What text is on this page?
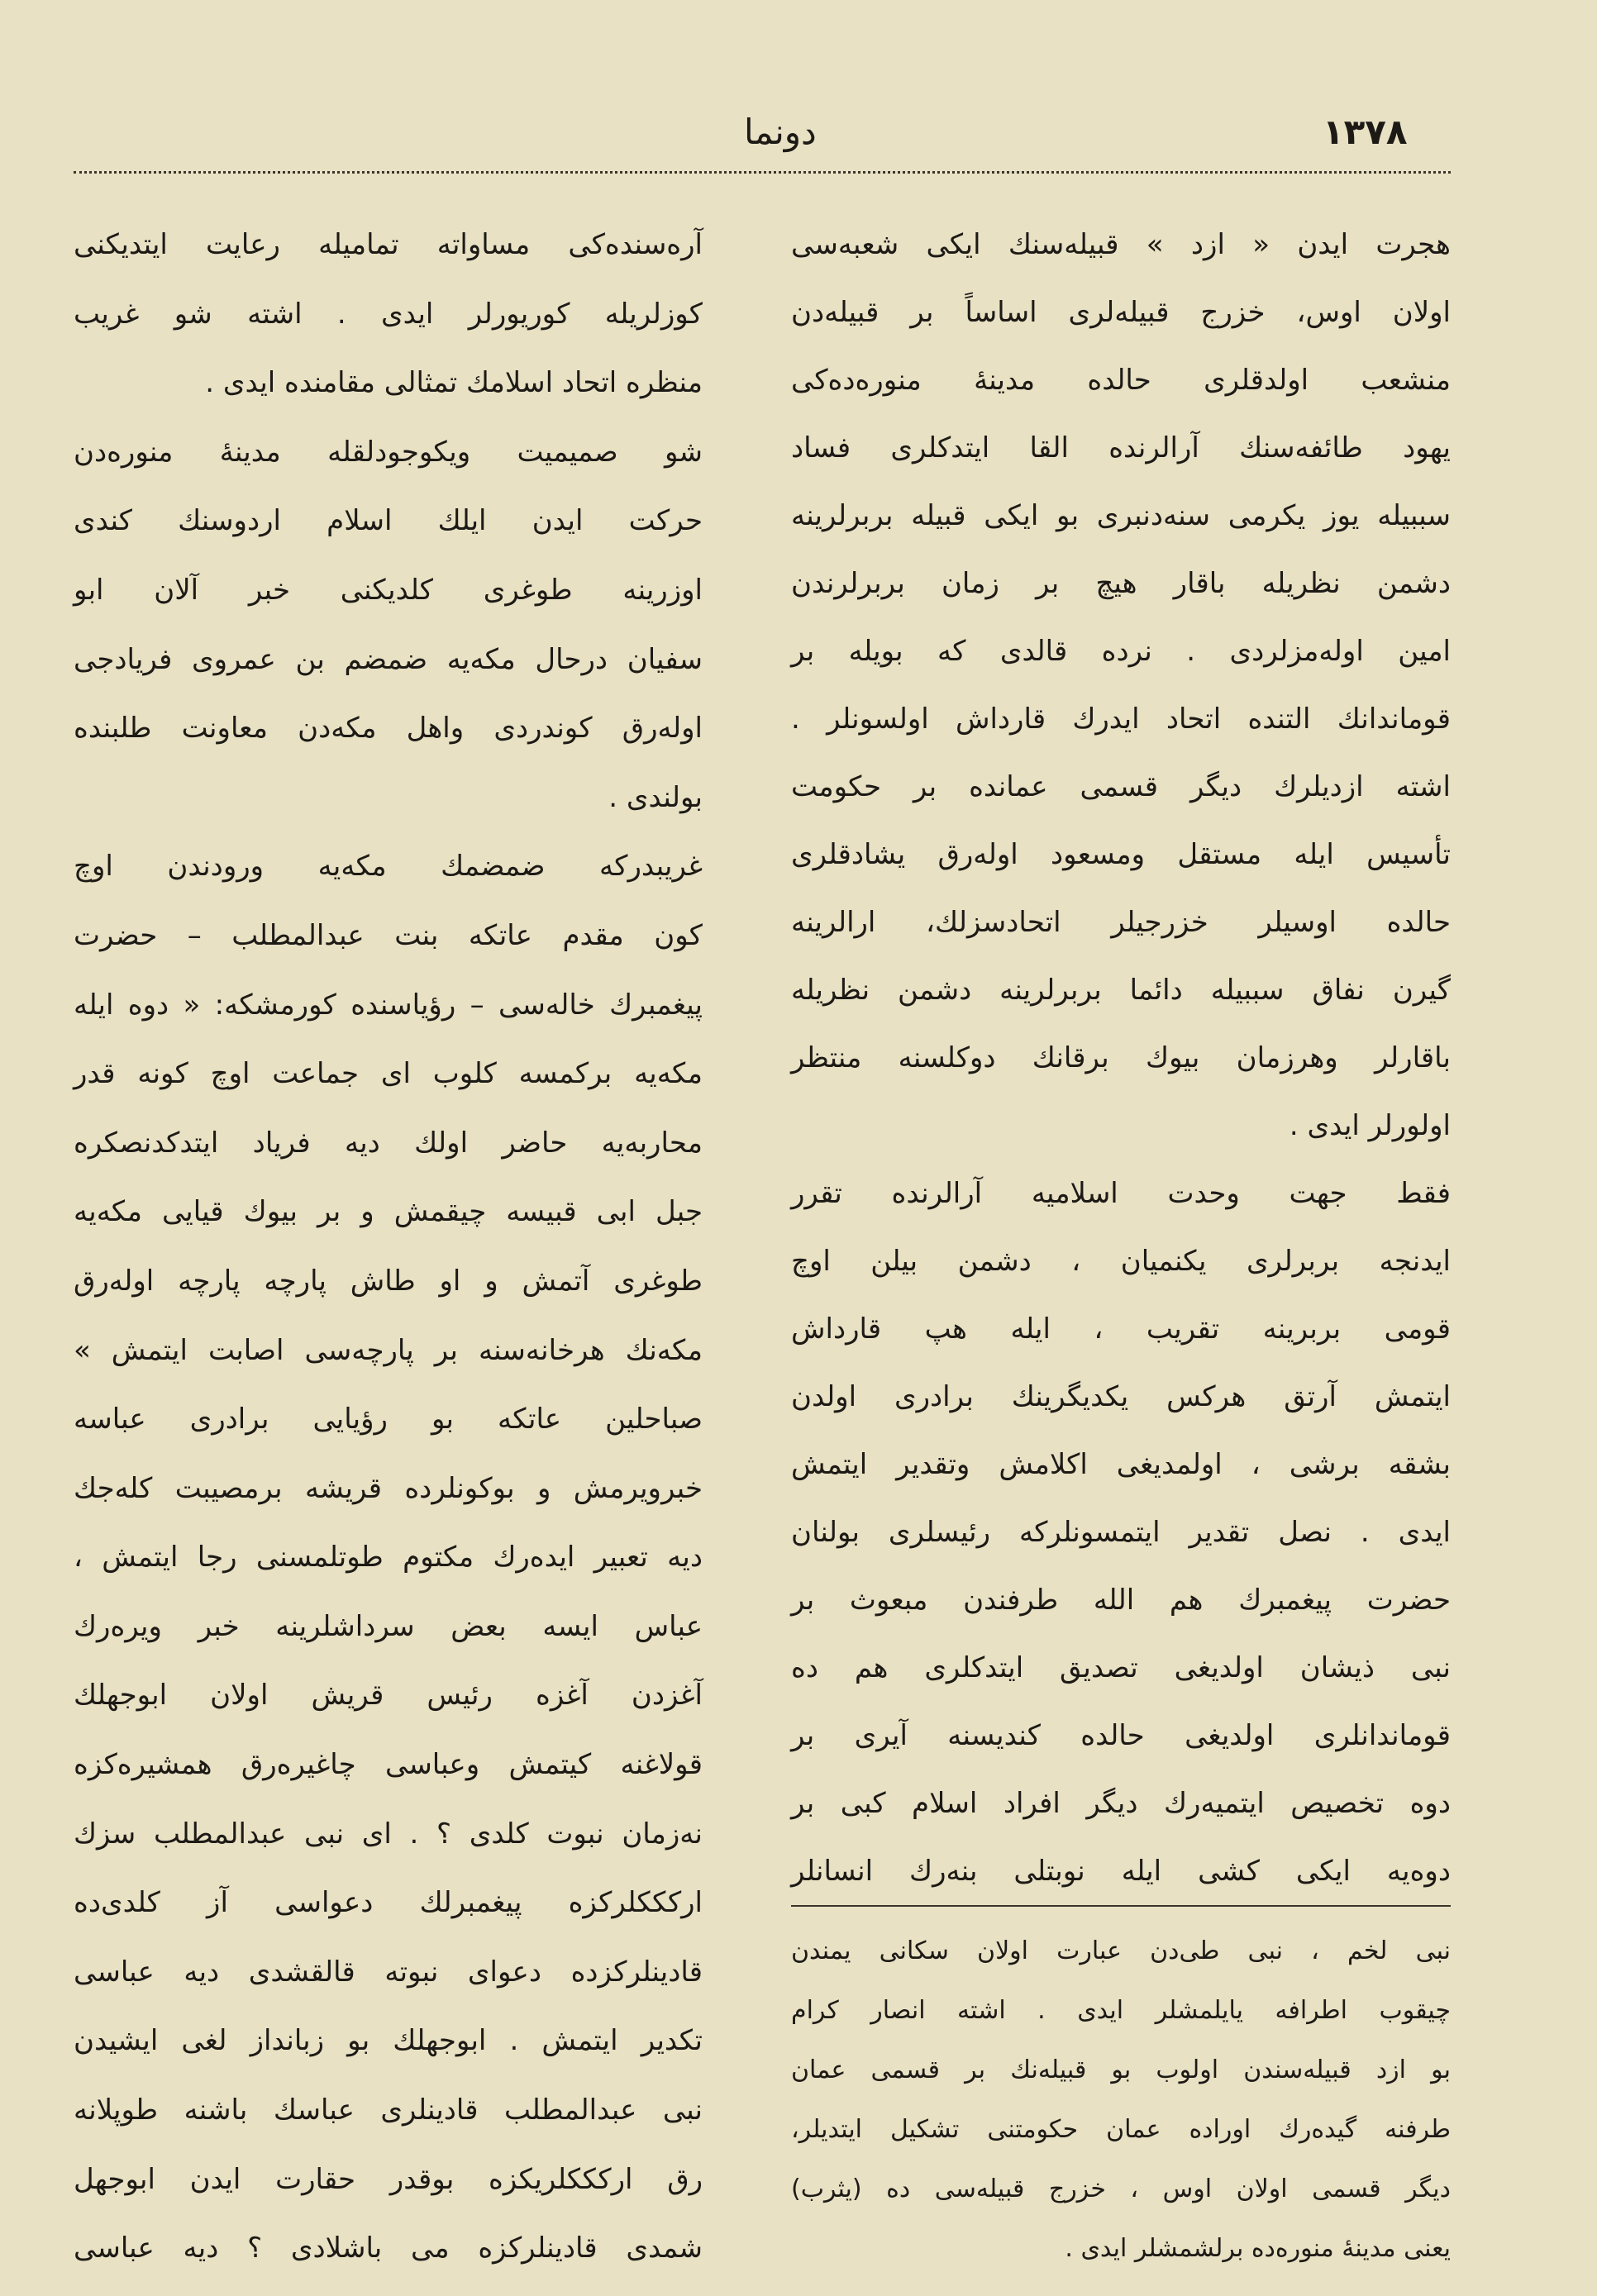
١٣٧٨
دونما
هجرت ایدن « ازد » قبیله‌سنك ایكی شعبه‌سی
اولان اوس، خزرج قبیله‌لری اساساً بر قبیله‌دن
منشعب اولدقلری حالده مدینهٔ منوره‌ده‌كی
یهود طائفه‌سنك آرالرنده القا ایتدكلری فساد
سببیله یوز یكرمی سنه‌دنبری بو ایكی قبیله بربرلرینه
دشمن نظریله باقار هیچ بر زمان بربرلرندن
امین اوله‌مزلردی . نرده قالدی كه بویله بر
قوماندانك التنده اتحاد ایدرك قارداش اولسونلر .
اشته ازدیلرك دیگر قسمی عمانده بر حكومت
تأسیس ایله مستقل ومسعود اوله‌رق یشادقلری
حالده اوسیلر خزرجیلر اتحادسزلك، ارالرینه
گیرن نفاق سببیله دائما بربرلرینه دشمن نظریله
باقارلر وهرزمان بیوك برقانك دوكلسنه منتظر
اولورلر ایدی .
فقط جهت وحدت اسلامیه آرالرنده تقرر
ایدنجه بربرلری یكنمیان ، دشمن بیلن اوچ
قومی بربرینه تقریب ، ایله هپ قارداش
ایتمش آرتق هركس یكدیگرینك برادری اولدن
بشقه برشی ، اولمدیغی اكلامش وتقدیر ایتمش
ایدی . نصل تقدیر ایتمسونلركه رئیسلری بولنان
حضرت پیغمبرك هم الله طرفندن مبعوث بر
نبی ذیشان اولدیغی تصدیق ایتدكلری هم ده
قوماندانلری اولدیغی حالده كندیسنه آیری بر
دوه تخصیص ایتمیه‌رك دیگر افراد اسلام كبی بر
دوه‌یه ایكی كشی ایله نوبتلی بنه‌رك انسانلر
نبی لخم ، نبی طی‌دن عبارت اولان سكانی یمندن
چیقوب اطرافه یایلمشلر ایدی . اشته انصار كرام
بو ازد قبیله‌سندن اولوب بو قبیله‌نك بر قسمی عمان
طرفنه گیده‌رك اوراده عمان حكومتنی تشكیل ایتدیلر،
دیگر قسمی اولان اوس ، خزرج قبیله‌سی ده (یثرب)
یعنی مدینهٔ منوره‌ده برلشمشلر ایدی .
آره‌سنده‌كی مساواته تمامیله رعایت ایتدیكنی
كوزلریله كوریورلر ایدی . اشته شو غریب
منظره اتحاد اسلامك تمثالی مقامنده ایدی .
شو صمیمیت ویكوجودلقله مدینهٔ منوره‌دن
حركت ایدن ایلك اسلام اردوسنك كندی
اوزرینه طوغری كلدیكنی خبر آلان ابو
سفیان درحال مكه‌یه ضمضم بن عمروی فریادجی
اوله‌رق كوندردی واهل مكه‌دن معاونت طلبنده
بولندی .
غریبدركه ضمضمك مكه‌یه ورودندن اوچ
كون مقدم عاتكه بنت عبدالمطلب – حضرت
پیغمبرك خاله‌سی – رؤیاسنده كورمشكه: « دوه ایله
مكه‌یه بركمسه كلوب ای جماعت اوچ كونه قدر
محاربه‌یه حاضر اولك دیه فریاد ایتدكدنصكره
جبل ابی قبیسه چیقمش و بر بیوك قیایی مكه‌یه
طوغری آتمش و او طاش پارچه پارچه اوله‌رق
مكه‌نك هرخانه‌سنه بر پارچه‌سی اصابت ایتمش »
صباحلین عاتكه بو رؤیایی برادری عباسه
خبرویرمش و بوكونلرده قریشه برمصیبت كله‌جك
دیه تعبیر ایده‌رك مكتوم طوتلمسنی رجا ایتمش ،
عباس ایسه بعض سرداشلرینه خبر ویره‌رك
آغزدن آغزه رئیس قریش اولان ابوجهلك
قولاغنه كیتمش وعباسی چاغیره‌رق همشیره‌كزه
نه‌زمان نبوت كلدی ؟ . ای نبی عبدالمطلب سزك
اركككلركزه پیغمبرلك دعواسی آز كلدی‌ده
قادینلركزده دعوای نبوته قالقشدی دیه عباسی
تكدیر ایتمش . ابوجهلك بو زبانداز لغی ایشیدن
نبی عبدالمطلب قادینلری عباسك باشنه طوپلانه‌
رق اركككلریكزه بوقدر حقارت ایدن ابوجهل
شمدی قادینلركزه می باشلادی ؟ دیه عباسی
